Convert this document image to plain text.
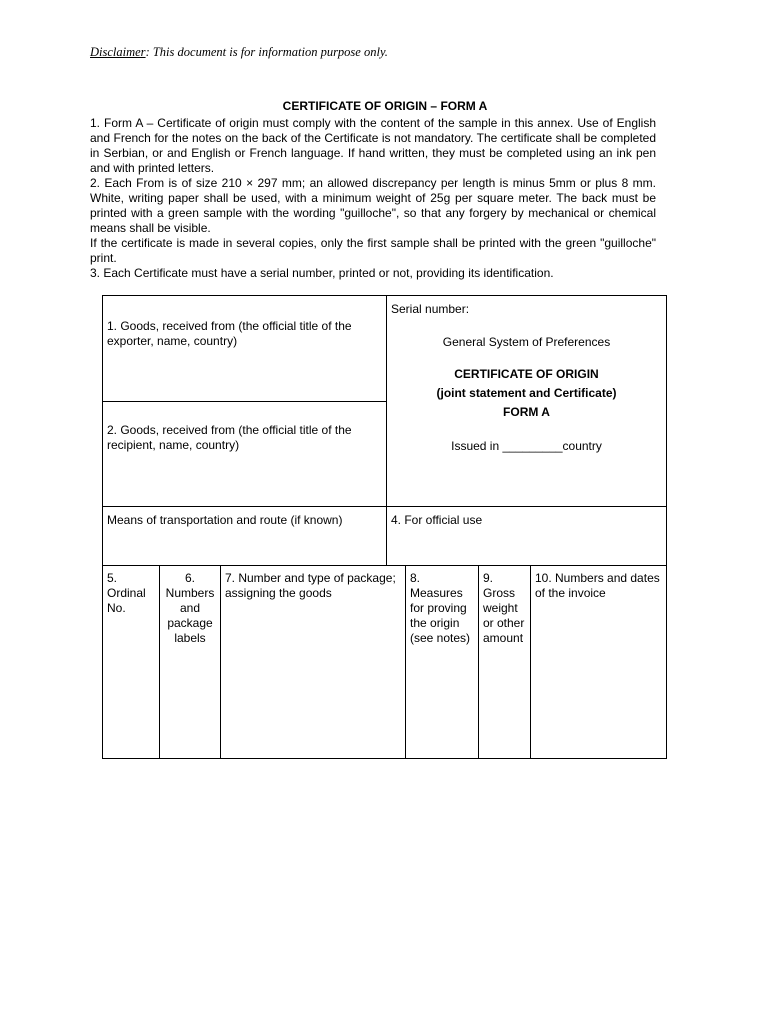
Disclaimer: This document is for information purpose only.
CERTIFICATE OF ORIGIN – FORM A

1. Form A – Certificate of origin must comply with the content of the sample in this annex. Use of English and French for the notes on the back of the Certificate is not mandatory. The certificate shall be completed in Serbian, or and English or French language. If hand written, they must be completed using an ink pen and with printed letters.

2. Each From is of size 210 × 297 mm; an allowed discrepancy per length is minus 5mm or plus 8 mm. White, writing paper shall be used, with a minimum weight of 25g per square meter. The back must be printed with a green sample with the wording "guilloche", so that any forgery by mechanical or chemical means shall be visible.

If the certificate is made in several copies, only the first sample shall be printed with the green "guilloche" print.

3. Each Certificate must have a serial number, printed or not, providing its identification.

1. Goods, received from (the official title of the exporter, name, country)
2. Goods, received from (the official title of the recipient, name, country)
Serial number:
General System of Preferences
CERTIFICATE OF ORIGIN
(joint statement and Certificate)
FORM A
Issued in _________country
Means of transportation and route (if known)	4. For official use
5.
Ordinal No.
6.
Numbers and package labels
7. Number and type of package; assigning the goods
8.
Measures for proving the origin (see notes)
9.
Gross weight or other amount
10. Numbers and dates of the invoice
